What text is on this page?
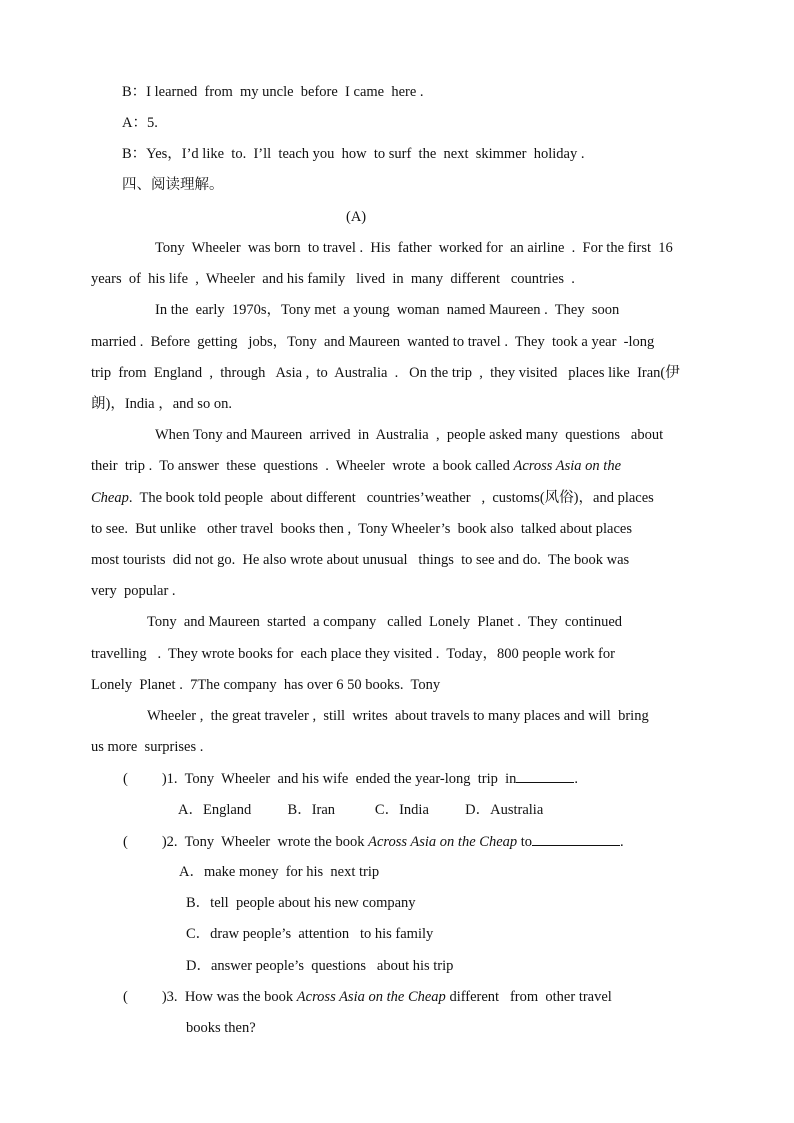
B：I learned  from  my uncle  before  I came  here .
A：5.
B：Yes，I’d like  to.  I’ll  teach you  how  to surf  the  next  skimmer  holiday .
四、阅读理解。
(A)
Tony  Wheeler  was born  to travel .  His  father  worked for  an airline  .  For the first  16
years  of  his life  ,  Wheeler  and his family   lived  in  many  different   countries  .
In the  early  1970s，Tony met  a young  woman  named Maureen .  They  soon
married .  Before  getting   jobs，Tony  and Maureen  wanted to travel .  They  took a year  -long
trip  from  England  ,  through   Asia ,  to  Australia  .   On the trip  ,  they visited   places like  Iran(伊
朗)，India ，and so on.
When Tony and Maureen  arrived  in  Australia  ,  people asked many  questions   about
their  trip .  To answer  these  questions  .  Wheeler  wrote  a book called Across Asia on the
Cheap.  The book told people  about different   countries’weather   ,  customs(风俗)，and places
to see.  But unlike   other travel  books then ,  Tony Wheeler’s  book also  talked about places
most tourists  did not go.  He also wrote about unusual   things  to see and do.  The book was
very  popular .
Tony  and Maureen  started  a company   called  Lonely  Planet .  They  continued
travelling   .  They wrote books for  each place they visited .  Today，800 people work for
Lonely  Planet .  7The company  has over 6 50 books.  Tony
Wheeler ,  the great traveler ,  still  writes  about travels to many places and will  bring
us more  surprises .
( )1. Tony  Wheeler  and his wife  ended the year-long  trip  in	.
A．England          B．Iran           C．India          D．Australia
( )2. Tony  Wheeler  wrote the book Across Asia on the Cheap to	.
A．make money  for his  next trip
B．tell  people about his new company
C．draw people’s  attention   to his family
D．answer people’s  questions   about his trip
( )3. How was the book Across Asia on the Cheap different   from  other travel
books then?
